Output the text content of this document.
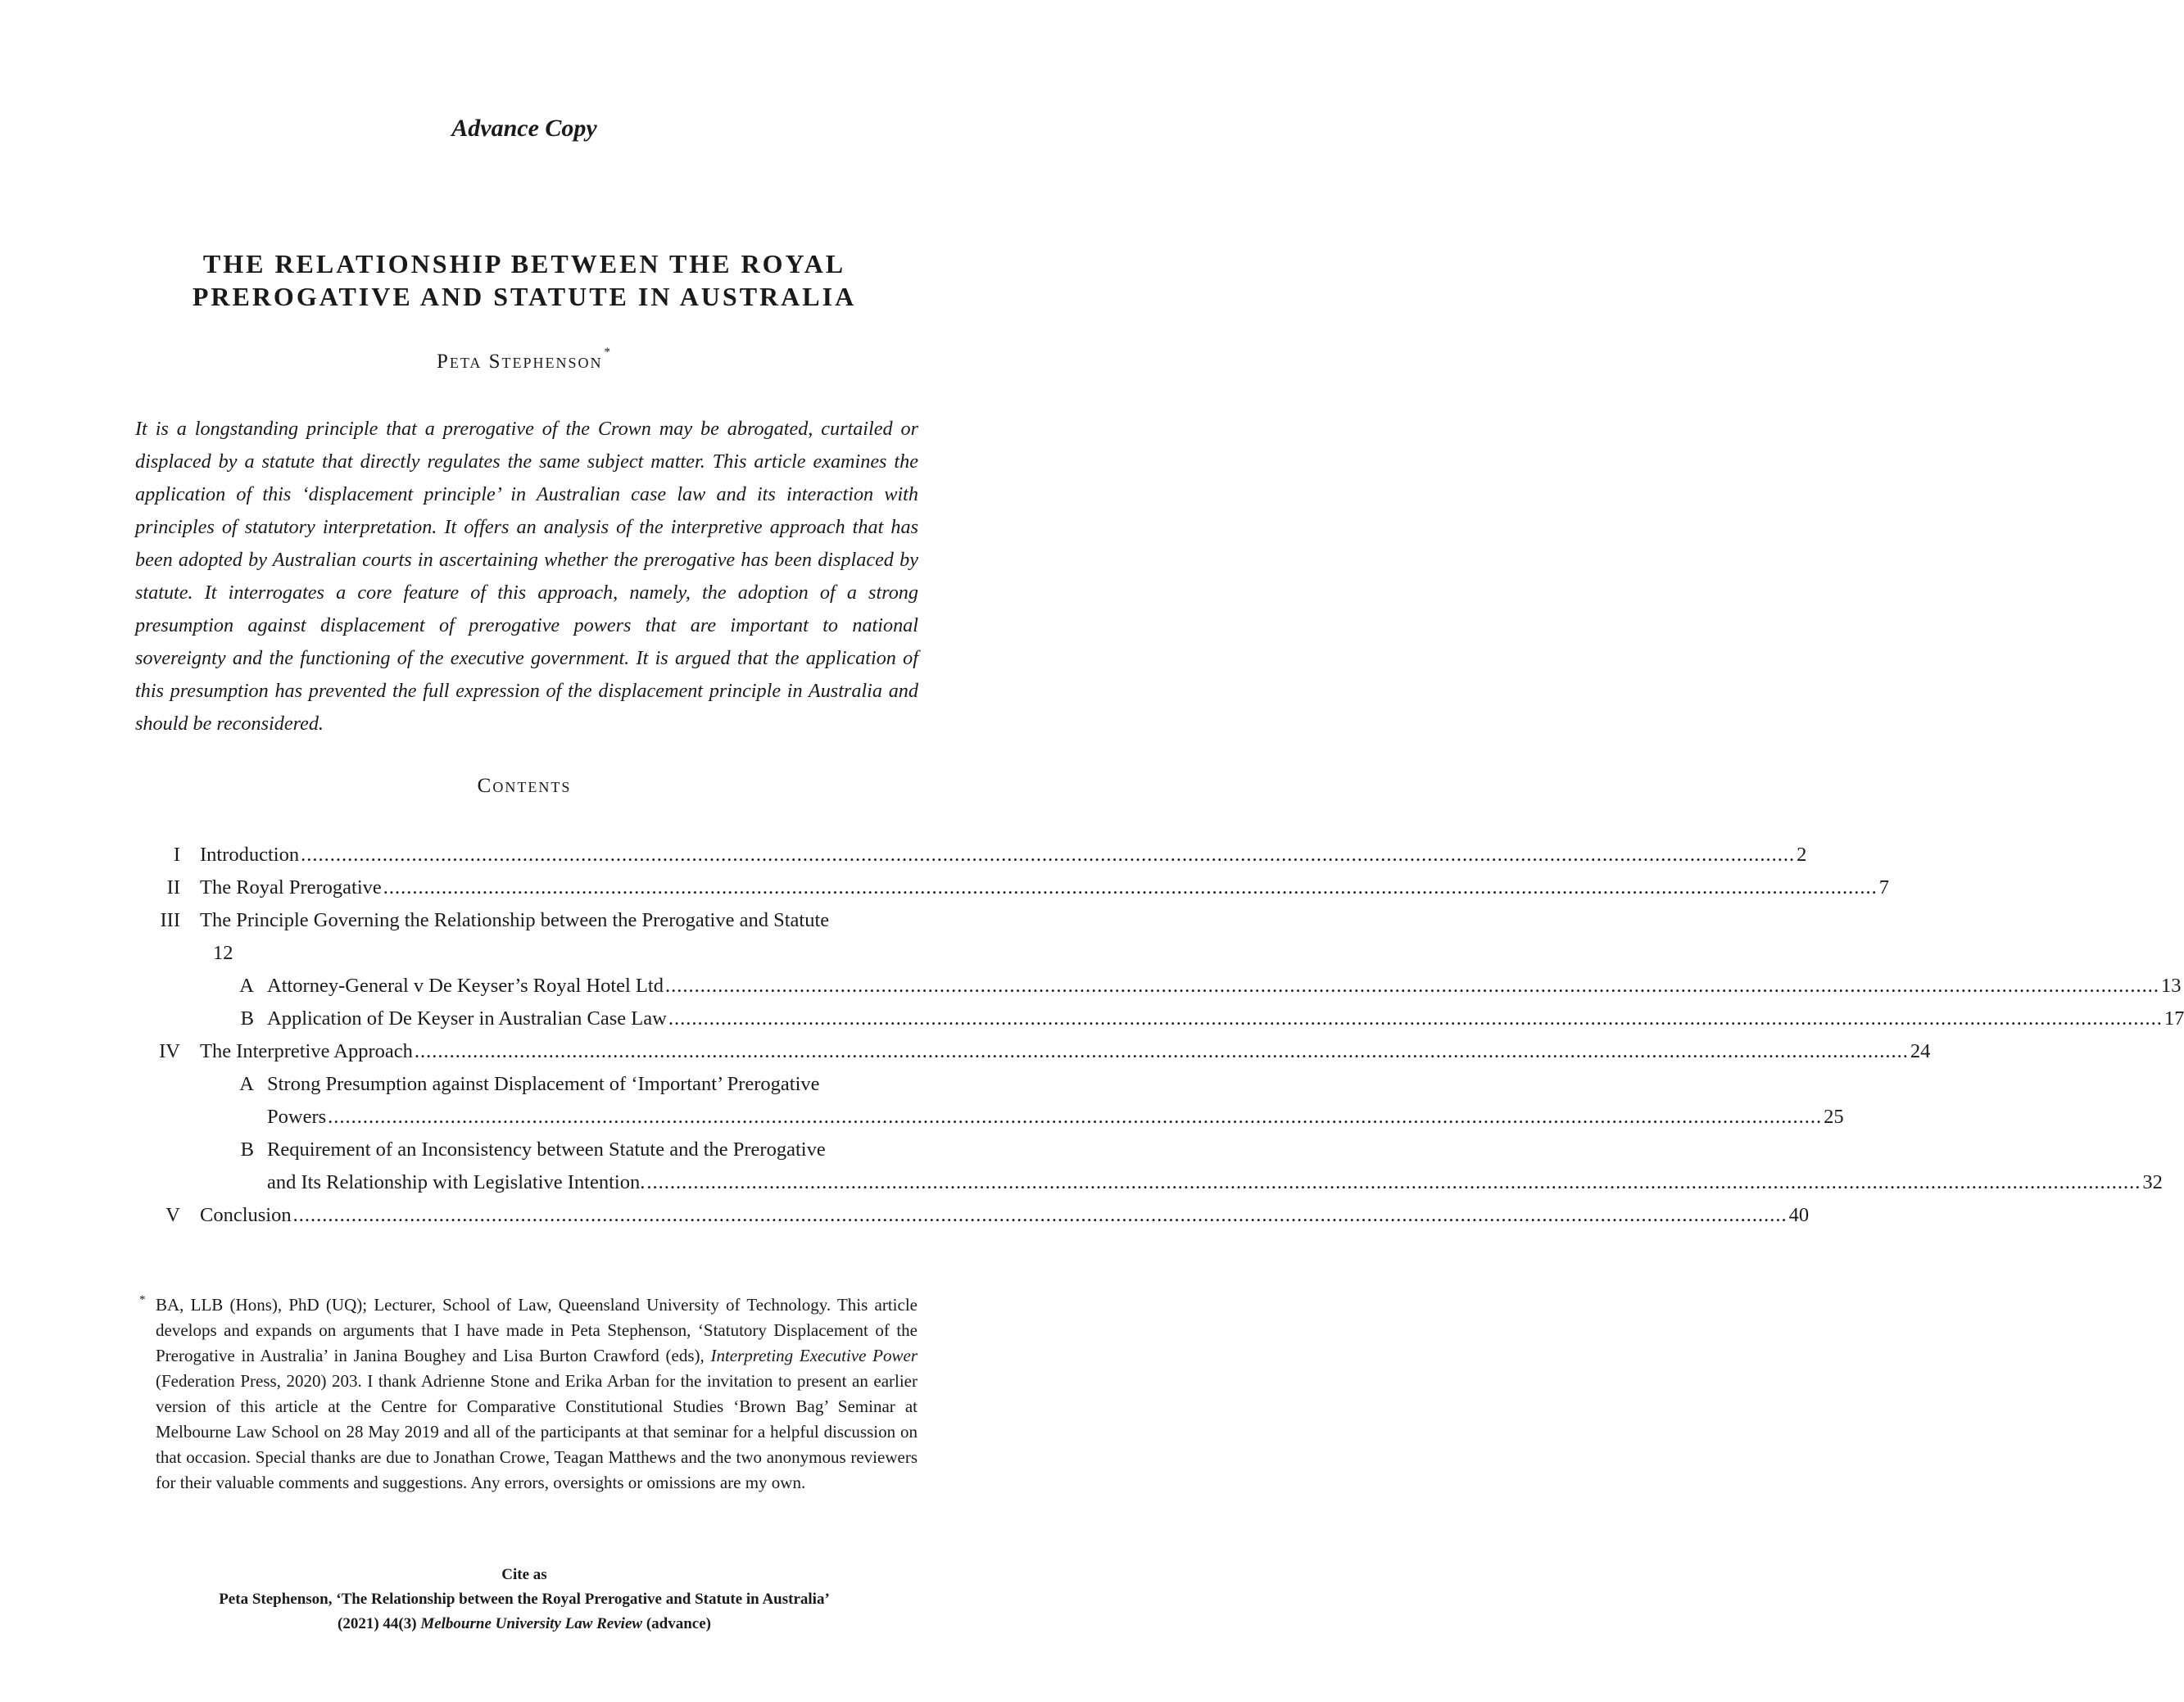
Advance Copy
THE RELATIONSHIP BETWEEN THE ROYAL
PREROGATIVE AND STATUTE IN AUSTRALIA
Peta Stephenson *
It is a longstanding principle that a prerogative of the Crown may be abrogated, curtailed or displaced by a statute that directly regulates the same subject matter. This article examines the application of this ‘displacement principle’ in Australian case law and its interaction with principles of statutory interpretation. It offers an analysis of the interpretive approach that has been adopted by Australian courts in ascertaining whether the prerogative has been displaced by statute. It interrogates a core feature of this approach, namely, the adoption of a strong presumption against displacement of prerogative powers that are important to national sovereignty and the functioning of the executive government. It is argued that the application of this presumption has prevented the full expression of the displacement principle in Australia and should be reconsidered.
Contents
I Introduction ................................................................................................................................................................................................................................................................ 2
II The Royal Prerogative ................................................................................................................................................................................................................................................................ 7
III The Principle Governing the Relationship between the Prerogative and Statute
12
A Attorney-General v De Keyser’s Royal Hotel Ltd ................................................................................................................................................................................................................................................................ 13
B Application of De Keyser in Australian Case Law ................................................................................................................................................................................................................................................................ 17
IV The Interpretive Approach ................................................................................................................................................................................................................................................................ 24
A Strong Presumption against Displacement of ‘Important’ Prerogative
Powers ................................................................................................................................................................................................................................................................ 25
B Requirement of an Inconsistency between Statute and the Prerogative
and Its Relationship with Legislative Intention. ................................................................................................................................................................................................................................................................ 32
V Conclusion ................................................................................................................................................................................................................................................................ 40
* BA, LLB (Hons), PhD (UQ); Lecturer, School of Law, Queensland University of Technology. This article develops and expands on arguments that I have made in Peta Stephenson, ‘Statutory Displacement of the Prerogative in Australia’ in Janina Boughey and Lisa Burton Crawford (eds), Interpreting Executive Power (Federation Press, 2020) 203. I thank Adrienne Stone and Erika Arban for the invitation to present an earlier version of this article at the Centre for Comparative Constitutional Studies ‘Brown Bag’ Seminar at Melbourne Law School on 28 May 2019 and all of the participants at that seminar for a helpful discussion on that occasion. Special thanks are due to Jonathan Crowe, Teagan Matthews and the two anonymous reviewers for their valuable comments and suggestions. Any errors, oversights or omissions are my own.
Cite as
Peta Stephenson, ‘The Relationship between the Royal Prerogative and Statute in Australia’
(2021) 44(3) Melbourne University Law Review (advance)
